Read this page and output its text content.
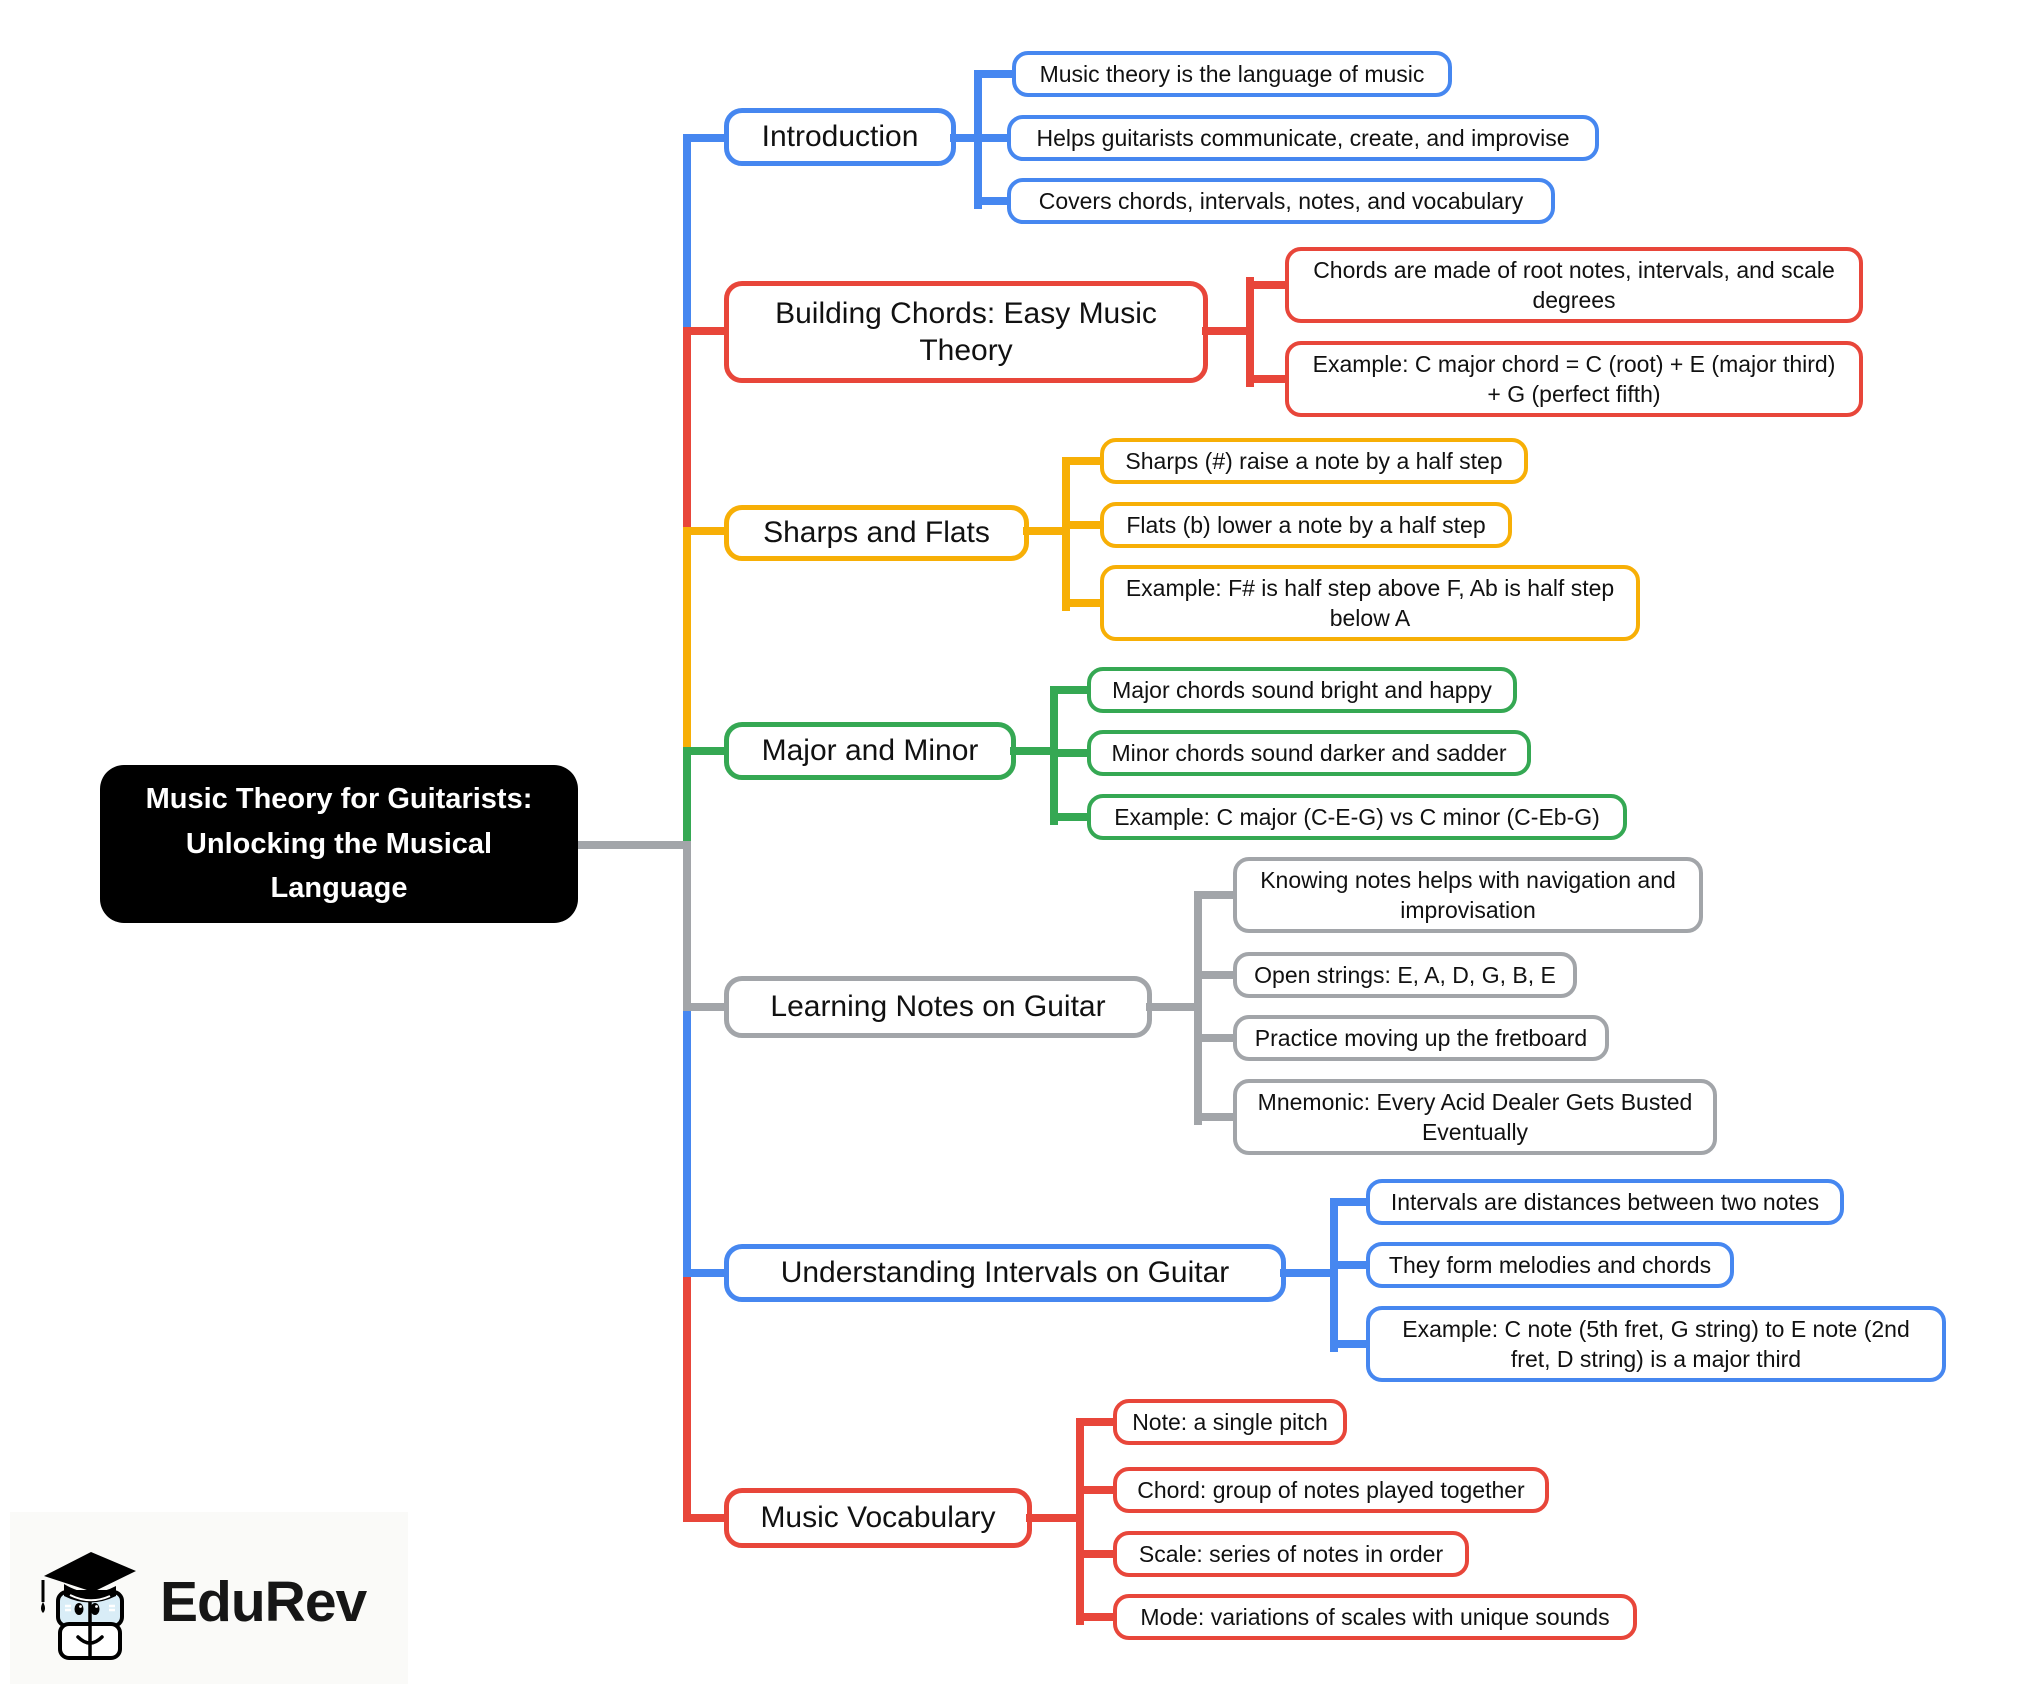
Music Theory for Guitarists: Unlocking the Musical Language
Introduction
Music theory is the language of music
Helps guitarists communicate, create, and improvise
Covers chords, intervals, notes, and vocabulary
Building Chords: Easy Music Theory
Chords are made of root notes, intervals, and scale degrees
Example: C major chord = C (root) + E (major third) + G (perfect fifth)
Sharps and Flats
Sharps (#) raise a note by a half step
Flats (b) lower a note by a half step
Example: F# is half step above F, Ab is half step below A
Major and Minor
Major chords sound bright and happy
Minor chords sound darker and sadder
Example: C major (C-E-G) vs C minor (C-Eb-G)
Learning Notes on Guitar
Knowing notes helps with navigation and improvisation
Open strings: E, A, D, G, B, E
Practice moving up the fretboard
Mnemonic: Every Acid Dealer Gets Busted Eventually
Understanding Intervals on Guitar
Intervals are distances between two notes
They form melodies and chords
Example: C note (5th fret, G string) to E note (2nd fret, D string) is a major third
Music Vocabulary
Note: a single pitch
Chord: group of notes played together
Scale: series of notes in order
Mode: variations of scales with unique sounds
EduRev
